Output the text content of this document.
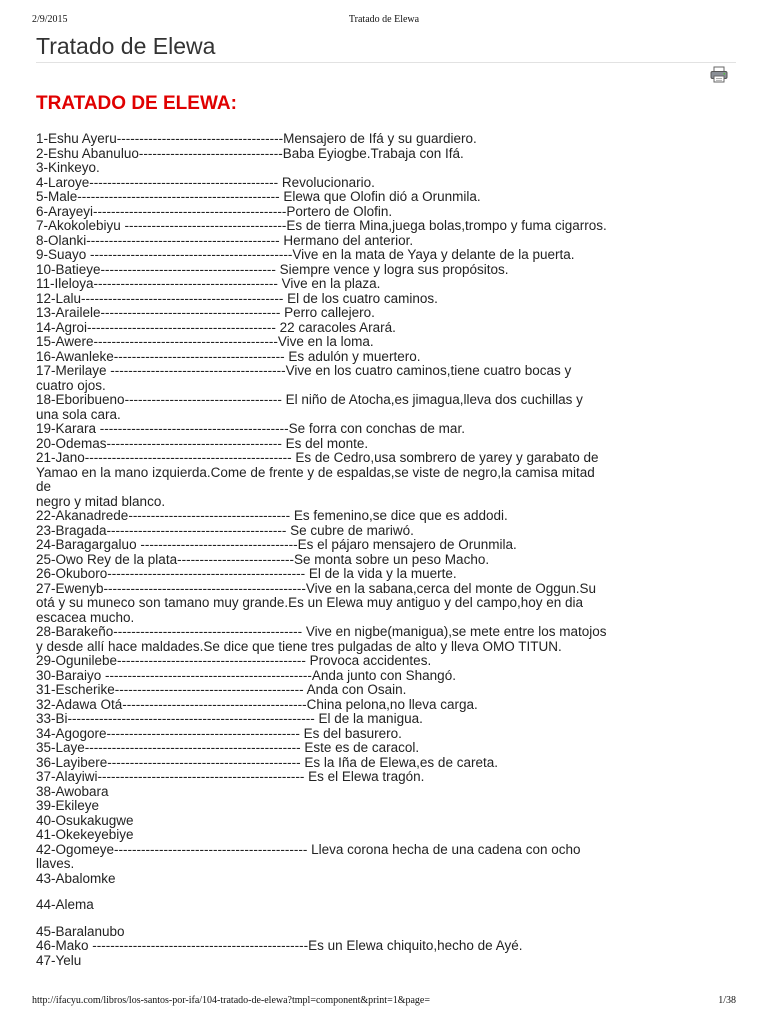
2/9/2015	Tratado de Elewa
Tratado de Elewa
TRATADO DE ELEWA:
1-Eshu Ayeru-------------------------------------Mensajero de Ifá y su guardiero.
2-Eshu Abanuluo--------------------------------Baba Eyiogbe.Trabaja con Ifá.
3-Kinkeyo.
4-Laroye------------------------------------------ Revolucionario.
5-Male--------------------------------------------- Elewa que Olofin dió a Orunmila.
6-Arayeyi-------------------------------------------Portero de Olofin.
7-Akokolebiyu ------------------------------------Es de tierra Mina,juega bolas,trompo y fuma cigarros.
8-Olanki------------------------------------------- Hermano del anterior.
9-Suayo ---------------------------------------------Vive en la mata de Yaya y delante de la puerta.
10-Batieye--------------------------------------- Siempre vence y logra sus propósitos.
11-Ileloya----------------------------------------- Vive en la plaza.
12-Lalu--------------------------------------------- El de los cuatro caminos.
13-Arailele---------------------------------------- Perro callejero.
14-Agroi------------------------------------------ 22 caracoles Arará.
15-Awere-----------------------------------------Vive en la loma.
16-Awanleke-------------------------------------- Es adulón y muertero.
17-Merilaye ---------------------------------------Vive en los cuatro caminos,tiene cuatro bocas y
cuatro ojos.
18-Eboribueno----------------------------------- El niño de Atocha,es jimagua,lleva dos cuchillas y
una sola cara.
19-Karara ------------------------------------------Se forra con conchas de mar.
20-Odemas--------------------------------------- Es del monte.
21-Jano---------------------------------------------- Es de Cedro,usa sombrero de yarey y garabato de
Yamao en la mano izquierda.Come de frente y de espaldas,se viste de negro,la camisa mitad
de
negro y mitad blanco.
22-Akanadrede------------------------------------ Es femenino,se dice que es addodi.
23-Bragada---------------------------------------- Se cubre de mariwó.
24-Baragargaluo -----------------------------------Es el pájaro mensajero de Orunmila.
25-Owo Rey de la plata--------------------------Se monta sobre un peso Macho.
26-Okuboro-------------------------------------------- El de la vida y la muerte.
27-Ewenyb---------------------------------------------Vive en la sabana,cerca del monte de Oggun.Su
otá y su muneco son tamano muy grande.Es un Elewa muy antiguo y del campo,hoy en dia
escacea mucho.
28-Barakeño------------------------------------------ Vive en nigbe(manigua),se mete entre los matojos
y desde allí hace maldades.Se dice que tiene tres pulgadas de alto y lleva OMO TITUN.
29-Ogunilebe------------------------------------------ Provoca accidentes.
30-Baraiyo ----------------------------------------------Anda junto con Shangó.
31-Escherike------------------------------------------ Anda con Osain.
32-Adawa Otá-----------------------------------------China pelona,no lleva carga.
33-Bi------------------------------------------------------- El de la manigua.
34-Agogore------------------------------------------- Es del basurero.
35-Laye------------------------------------------------ Este es de caracol.
36-Layibere------------------------------------------- Es la Iña de Elewa,es de careta.
37-Alayiwi---------------------------------------------- Es el Elewa tragón.
38-Awobara
39-Ekileye
40-Osukakugwe
41-Okekeyebiye
42-Ogomeye------------------------------------------- Lleva corona hecha de una cadena con ocho
llaves.
43-Abalomke
44-Alema
45-Baralanubo
46-Mako ------------------------------------------------Es un Elewa chiquito,hecho de Ayé.
47-Yelu
http://ifacyu.com/libros/los-santos-por-ifa/104-tratado-de-elewa?tmpl=component&print=1&page=	1/38
